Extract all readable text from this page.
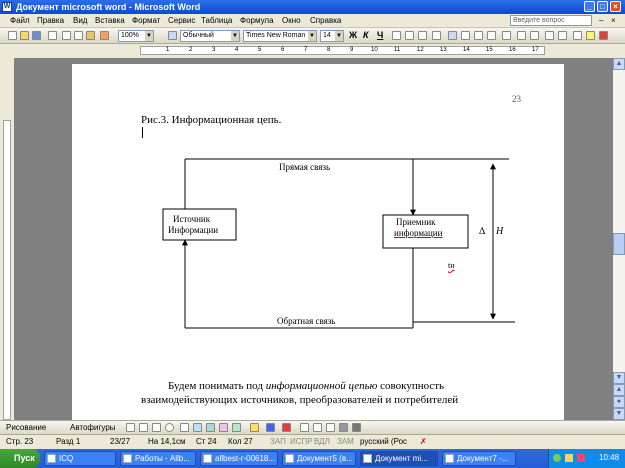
W Документ microsoft word - Microsoft Word	_	□	×
Файл Правка Вид Вставка Формат Сервис Таблица Формула Окно Справка	Введите вопрос	– ×
100% ▼	Обычный	▼	Times New Roman ▼	14 ▼ Ж К Ч
1	2	3	4	5	6	7	8	9	10	11	12	13	14	15	16	17
23
Рис.3. Информационная цепь.
Прямая связь
Источник
Информации
Приемник
информации	∆ H
tн
Обратная связь
Будем понимать под информационной цепью совокупность
взаимодействующих источников, преобразователей и потребителей
▲
▼
▲
●
▼
Рисование	Автофигуры
Стр. 23	Разд 1	23/27 На 14,1см Ст 24 Кол 27 ЗАП ИСПР ВДЛ ЗАМ русский (Рос ✗
Пуск	ICQ	Работы - Allb...	allbest-r-00618...	Документ5 (в...	Документ mi...	Документ7 -...	10:48
